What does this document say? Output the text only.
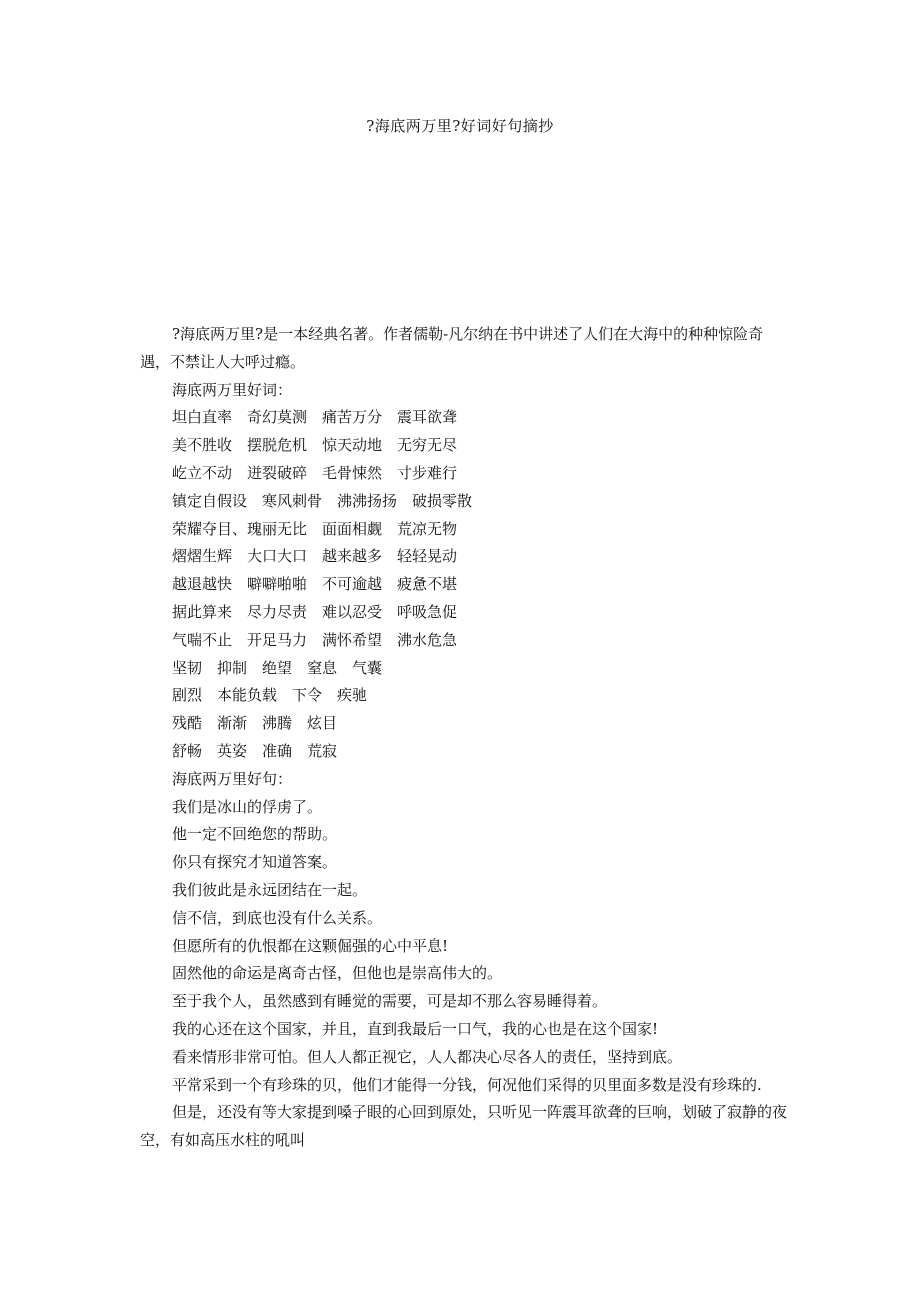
?海底两万里?好词好句摘抄

?海底两万里?是一本经典名著。作者儒勒-凡尔纳在书中讲述了人们在大海中的种种惊险奇遇，不禁让人大呼过瘾。

海底两万里好词：

坦白直率　奇幻莫测　痛苦万分　震耳欲聋

美不胜收　摆脱危机　惊天动地　无穷无尽

屹立不动　迸裂破碎　毛骨悚然　寸步难行

镇定自假设　寒风刺骨　沸沸扬扬　破损零散

荣耀夺目、瑰丽无比　面面相觑　荒凉无物

熠熠生辉　大口大口　越来越多　轻轻晃动

越退越快　噼噼啪啪　不可逾越　疲惫不堪

据此算来　尽力尽责　难以忍受　呼吸急促

气喘不止　开足马力　满怀希望　沸水危急

坚韧　抑制　绝望　窒息　气囊

剧烈　本能负载　下令　疾驰

残酷　渐渐　沸腾　炫目

舒畅　英姿　准确　荒寂

海底两万里好句：

我们是冰山的俘虏了。

他一定不回绝您的帮助。

你只有探究才知道答案。

我们彼此是永远团结在一起。

信不信，到底也没有什么关系。

但愿所有的仇恨都在这颗倔强的心中平息!

固然他的命运是离奇古怪，但他也是崇高伟大的。

至于我个人，虽然感到有睡觉的需要，可是却不那么容易睡得着。

我的心还在这个国家，并且，直到我最后一口气，我的心也是在这个国家!

看来情形非常可怕。但人人都正视它，人人都决心尽各人的责任，坚持到底。

平常采到一个有珍珠的贝，他们才能得一分钱，何况他们采得的贝里面多数是没有珍珠的.

但是，还没有等大家提到嗓子眼的心回到原处，只听见一阵震耳欲聋的巨响，划破了寂静的夜空，有如高压水柱的吼叫
